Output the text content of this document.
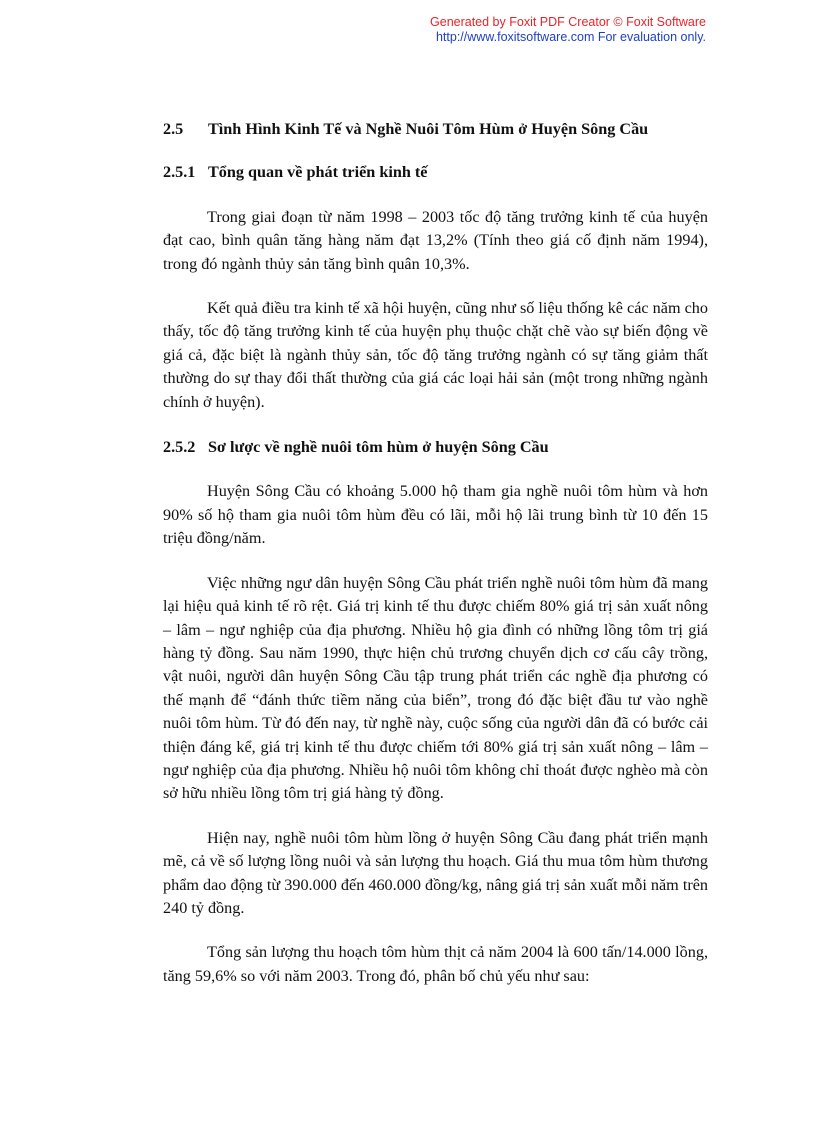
Generated by Foxit PDF Creator © Foxit Software
http://www.foxitsoftware.com For evaluation only.
2.5 Tình Hình Kinh Tế và Nghề Nuôi Tôm Hùm ở Huyện Sông Cầu
2.5.1 Tổng quan về phát triển kinh tế

Trong giai đoạn từ năm 1998 – 2003 tốc độ tăng trưởng kinh tế của huyện đạt cao, bình quân tăng hàng năm đạt 13,2% (Tính theo giá cố định năm 1994), trong đó ngành thủy sản tăng bình quân 10,3%.

Kết quả điều tra kinh tế xã hội huyện, cũng như số liệu thống kê các năm cho thấy, tốc độ tăng trưởng kinh tế của huyện phụ thuộc chặt chẽ vào sự biến động về giá cả, đặc biệt là ngành thủy sản, tốc độ tăng trưởng ngành có sự tăng giảm thất thường do sự thay đổi thất thường của giá các loại hải sản (một trong những ngành chính ở huyện).

2.5.2 Sơ lược về nghề nuôi tôm hùm ở huyện Sông Cầu

Huyện Sông Cầu có khoảng 5.000 hộ tham gia nghề nuôi tôm hùm và hơn 90% số hộ tham gia nuôi tôm hùm đều có lãi, mỗi hộ lãi trung bình từ 10 đến 15 triệu đồng/năm.

Việc những ngư dân huyện Sông Cầu phát triển nghề nuôi tôm hùm đã mang lại hiệu quả kinh tế rõ rệt. Giá trị kinh tế thu được chiếm 80% giá trị sản xuất nông – lâm – ngư nghiệp của địa phương. Nhiều hộ gia đình có những lồng tôm trị giá hàng tỷ đồng. Sau năm 1990, thực hiện chủ trương chuyển dịch cơ cấu cây trồng, vật nuôi, người dân huyện Sông Cầu tập trung phát triển các nghề địa phương có thế mạnh để “đánh thức tiềm năng của biển”, trong đó đặc biệt đầu tư vào nghề nuôi tôm hùm. Từ đó đến nay, từ nghề này, cuộc sống của người dân đã có bước cải thiện đáng kể, giá trị kinh tế thu được chiếm tới 80% giá trị sản xuất nông – lâm – ngư nghiệp của địa phương. Nhiều hộ nuôi tôm không chỉ thoát được nghèo mà còn sở hữu nhiều lồng tôm trị giá hàng tỷ đồng.

Hiện nay, nghề nuôi tôm hùm lồng ở huyện Sông Cầu đang phát triển mạnh mẽ, cả về số lượng lồng nuôi và sản lượng thu hoạch. Giá thu mua tôm hùm thương phẩm dao động từ 390.000 đến 460.000 đồng/kg, nâng giá trị sản xuất mỗi năm trên 240 tỷ đồng.

Tổng sản lượng thu hoạch tôm hùm thịt cả năm 2004 là 600 tấn/14.000 lồng, tăng 59,6% so với năm 2003. Trong đó, phân bố chủ yếu như sau:
